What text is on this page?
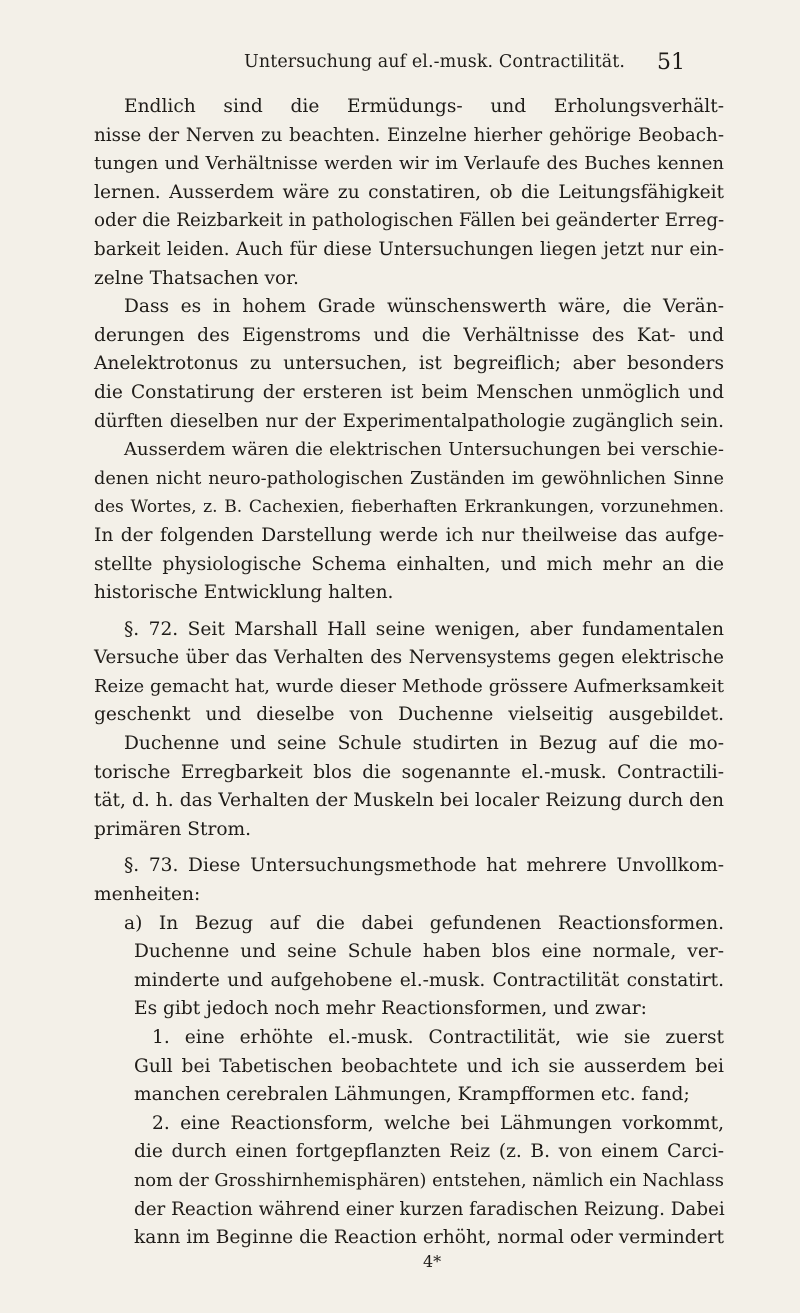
Untersuchung auf el.-musk. Contractilität. 51
Endlich sind die Ermüdungs- und Erholungsverhält-
nisse der Nerven zu beachten. Einzelne hierher gehörige Beobach-
tungen und Verhältnisse werden wir im Verlaufe des Buches kennen
lernen. Ausserdem wäre zu constatiren, ob die Leitungsfähigkeit
oder die Reizbarkeit in pathologischen Fällen bei geänderter Erreg-
barkeit leiden. Auch für diese Untersuchungen liegen jetzt nur ein-
zelne Thatsachen vor.
Dass es in hohem Grade wünschenswerth wäre, die Verän-
derungen des Eigenstroms und die Verhältnisse des Kat- und
Anelektrotonus zu untersuchen, ist begreiflich; aber besonders
die Constatirung der ersteren ist beim Menschen unmöglich und
dürften dieselben nur der Experimentalpathologie zugänglich sein.
Ausserdem wären die elektrischen Untersuchungen bei verschie-
denen nicht neuro-pathologischen Zuständen im gewöhnlichen Sinne
des Wortes, z. B. Cachexien, fieberhaften Erkrankungen, vorzunehmen.
In der folgenden Darstellung werde ich nur theilweise das aufge-
stellte physiologische Schema einhalten, und mich mehr an die
historische Entwicklung halten.
§. 72. Seit Marshall Hall seine wenigen, aber fundamentalen
Versuche über das Verhalten des Nervensystems gegen elektrische
Reize gemacht hat, wurde dieser Methode grössere Aufmerksamkeit
geschenkt und dieselbe von Duchenne vielseitig ausgebildet.
Duchenne und seine Schule studirten in Bezug auf die mo-
torische Erregbarkeit blos die sogenannte el.-musk. Contractili-
tät, d. h. das Verhalten der Muskeln bei localer Reizung durch den
primären Strom.
§. 73. Diese Untersuchungsmethode hat mehrere Unvollkom-
menheiten:
a) In Bezug auf die dabei gefundenen Reactionsformen.
Duchenne und seine Schule haben blos eine normale, ver-
minderte und aufgehobene el.-musk. Contractilität constatirt.
Es gibt jedoch noch mehr Reactionsformen, und zwar:
1. eine erhöhte el.-musk. Contractilität, wie sie zuerst
Gull bei Tabetischen beobachtete und ich sie ausserdem bei
manchen cerebralen Lähmungen, Krampfformen etc. fand;
2. eine Reactionsform, welche bei Lähmungen vorkommt,
die durch einen fortgepflanzten Reiz (z. B. von einem Carci-
nom der Grosshirnhemisphären) entstehen, nämlich ein Nachlass
der Reaction während einer kurzen faradischen Reizung. Dabei
kann im Beginne die Reaction erhöht, normal oder vermindert
4*
